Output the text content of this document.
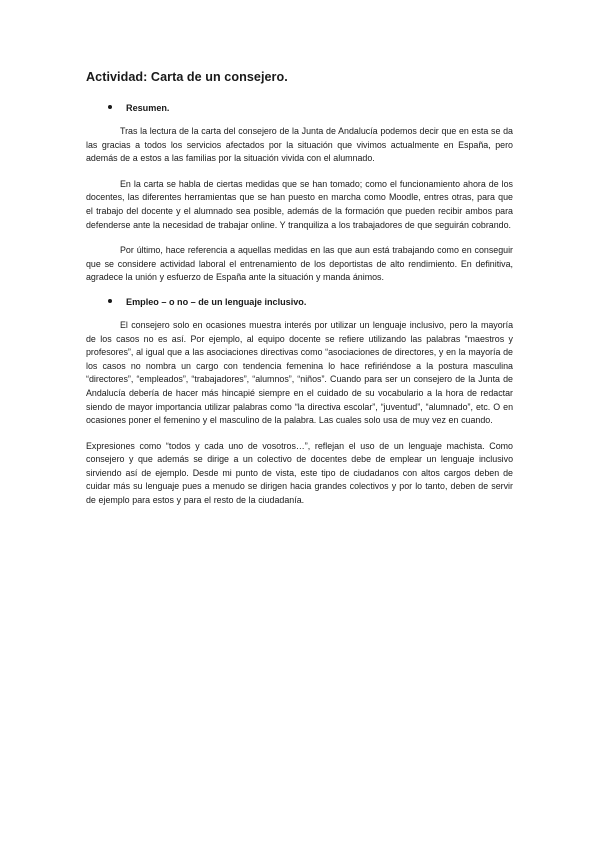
Actividad: Carta de un consejero.
Resumen.

Tras la lectura de la carta del consejero de la Junta de Andalucía podemos decir que en esta se da las gracias a todos los servicios afectados por la situación que vivimos actualmente en España, pero además de a estos a las familias por la situación vivida con el alumnado.

En la carta se habla de ciertas medidas que se han tomado; como el funcionamiento ahora de los docentes, las diferentes herramientas que se han puesto en marcha como Moodle, entres otras, para que el trabajo del docente y el alumnado sea posible, además de la formación que pueden recibir ambos para defenderse ante la necesidad de trabajar online. Y tranquiliza a los trabajadores de que seguirán cobrando.

Por último, hace referencia a aquellas medidas en las que aun está trabajando como en conseguir que se considere actividad laboral el entrenamiento de los deportistas de alto rendimiento. En definitiva, agradece la unión y esfuerzo de España ante la situación y manda ánimos.

Empleo – o no – de un lenguaje inclusivo.

El consejero solo en ocasiones muestra interés por utilizar un lenguaje inclusivo, pero la mayoría de los casos no es así. Por ejemplo, al equipo docente se refiere utilizando las palabras “maestros y profesores”, al igual que a las asociaciones directivas como “asociaciones de directores, y en la mayoría de los casos no nombra un cargo con tendencia femenina lo hace refiriéndose a la postura masculina “directores”, “empleados”, “trabajadores”, “alumnos”, “niños”. Cuando para ser un consejero de la Junta de Andalucía debería de hacer más hincapié siempre en el cuidado de su vocabulario a la hora de redactar siendo de mayor importancia utilizar palabras como “la directiva escolar”, “juventud”, “alumnado”, etc. O en ocasiones poner el femenino y el masculino de la palabra. Las cuales solo usa de muy vez en cuando.

Expresiones como “todos y cada uno de vosotros…”, reflejan el uso de un lenguaje machista. Como consejero y que además se dirige a un colectivo de docentes debe de emplear un lenguaje inclusivo sirviendo así de ejemplo. Desde mi punto de vista, este tipo de ciudadanos con altos cargos deben de cuidar más su lenguaje pues a menudo se dirigen hacia grandes colectivos y por lo tanto, deben de servir de ejemplo para estos y para el resto de la ciudadanía.
